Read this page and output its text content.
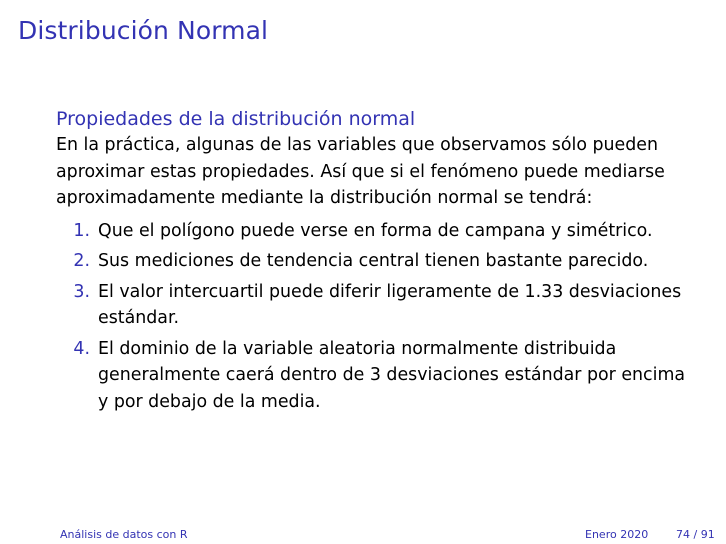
Distribución Normal
Propiedades de la distribución normal
En la práctica, algunas de las variables que observamos sólo pueden
aproximar estas propiedades. Así que si el fenómeno puede mediarse
aproximadamente mediante la distribución normal se tendrá:
1. Que el polígono puede verse en forma de campana y simétrico.
2. Sus mediciones de tendencia central tienen bastante parecido.
3. El valor intercuartil puede diferir ligeramente de 1.33 desviaciones
estándar.
4. El dominio de la variable aleatoria normalmente distribuida
generalmente caerá dentro de 3 desviaciones estándar por encima
y por debajo de la media.
Análisis de datos con R	Enero 2020	74 / 91
